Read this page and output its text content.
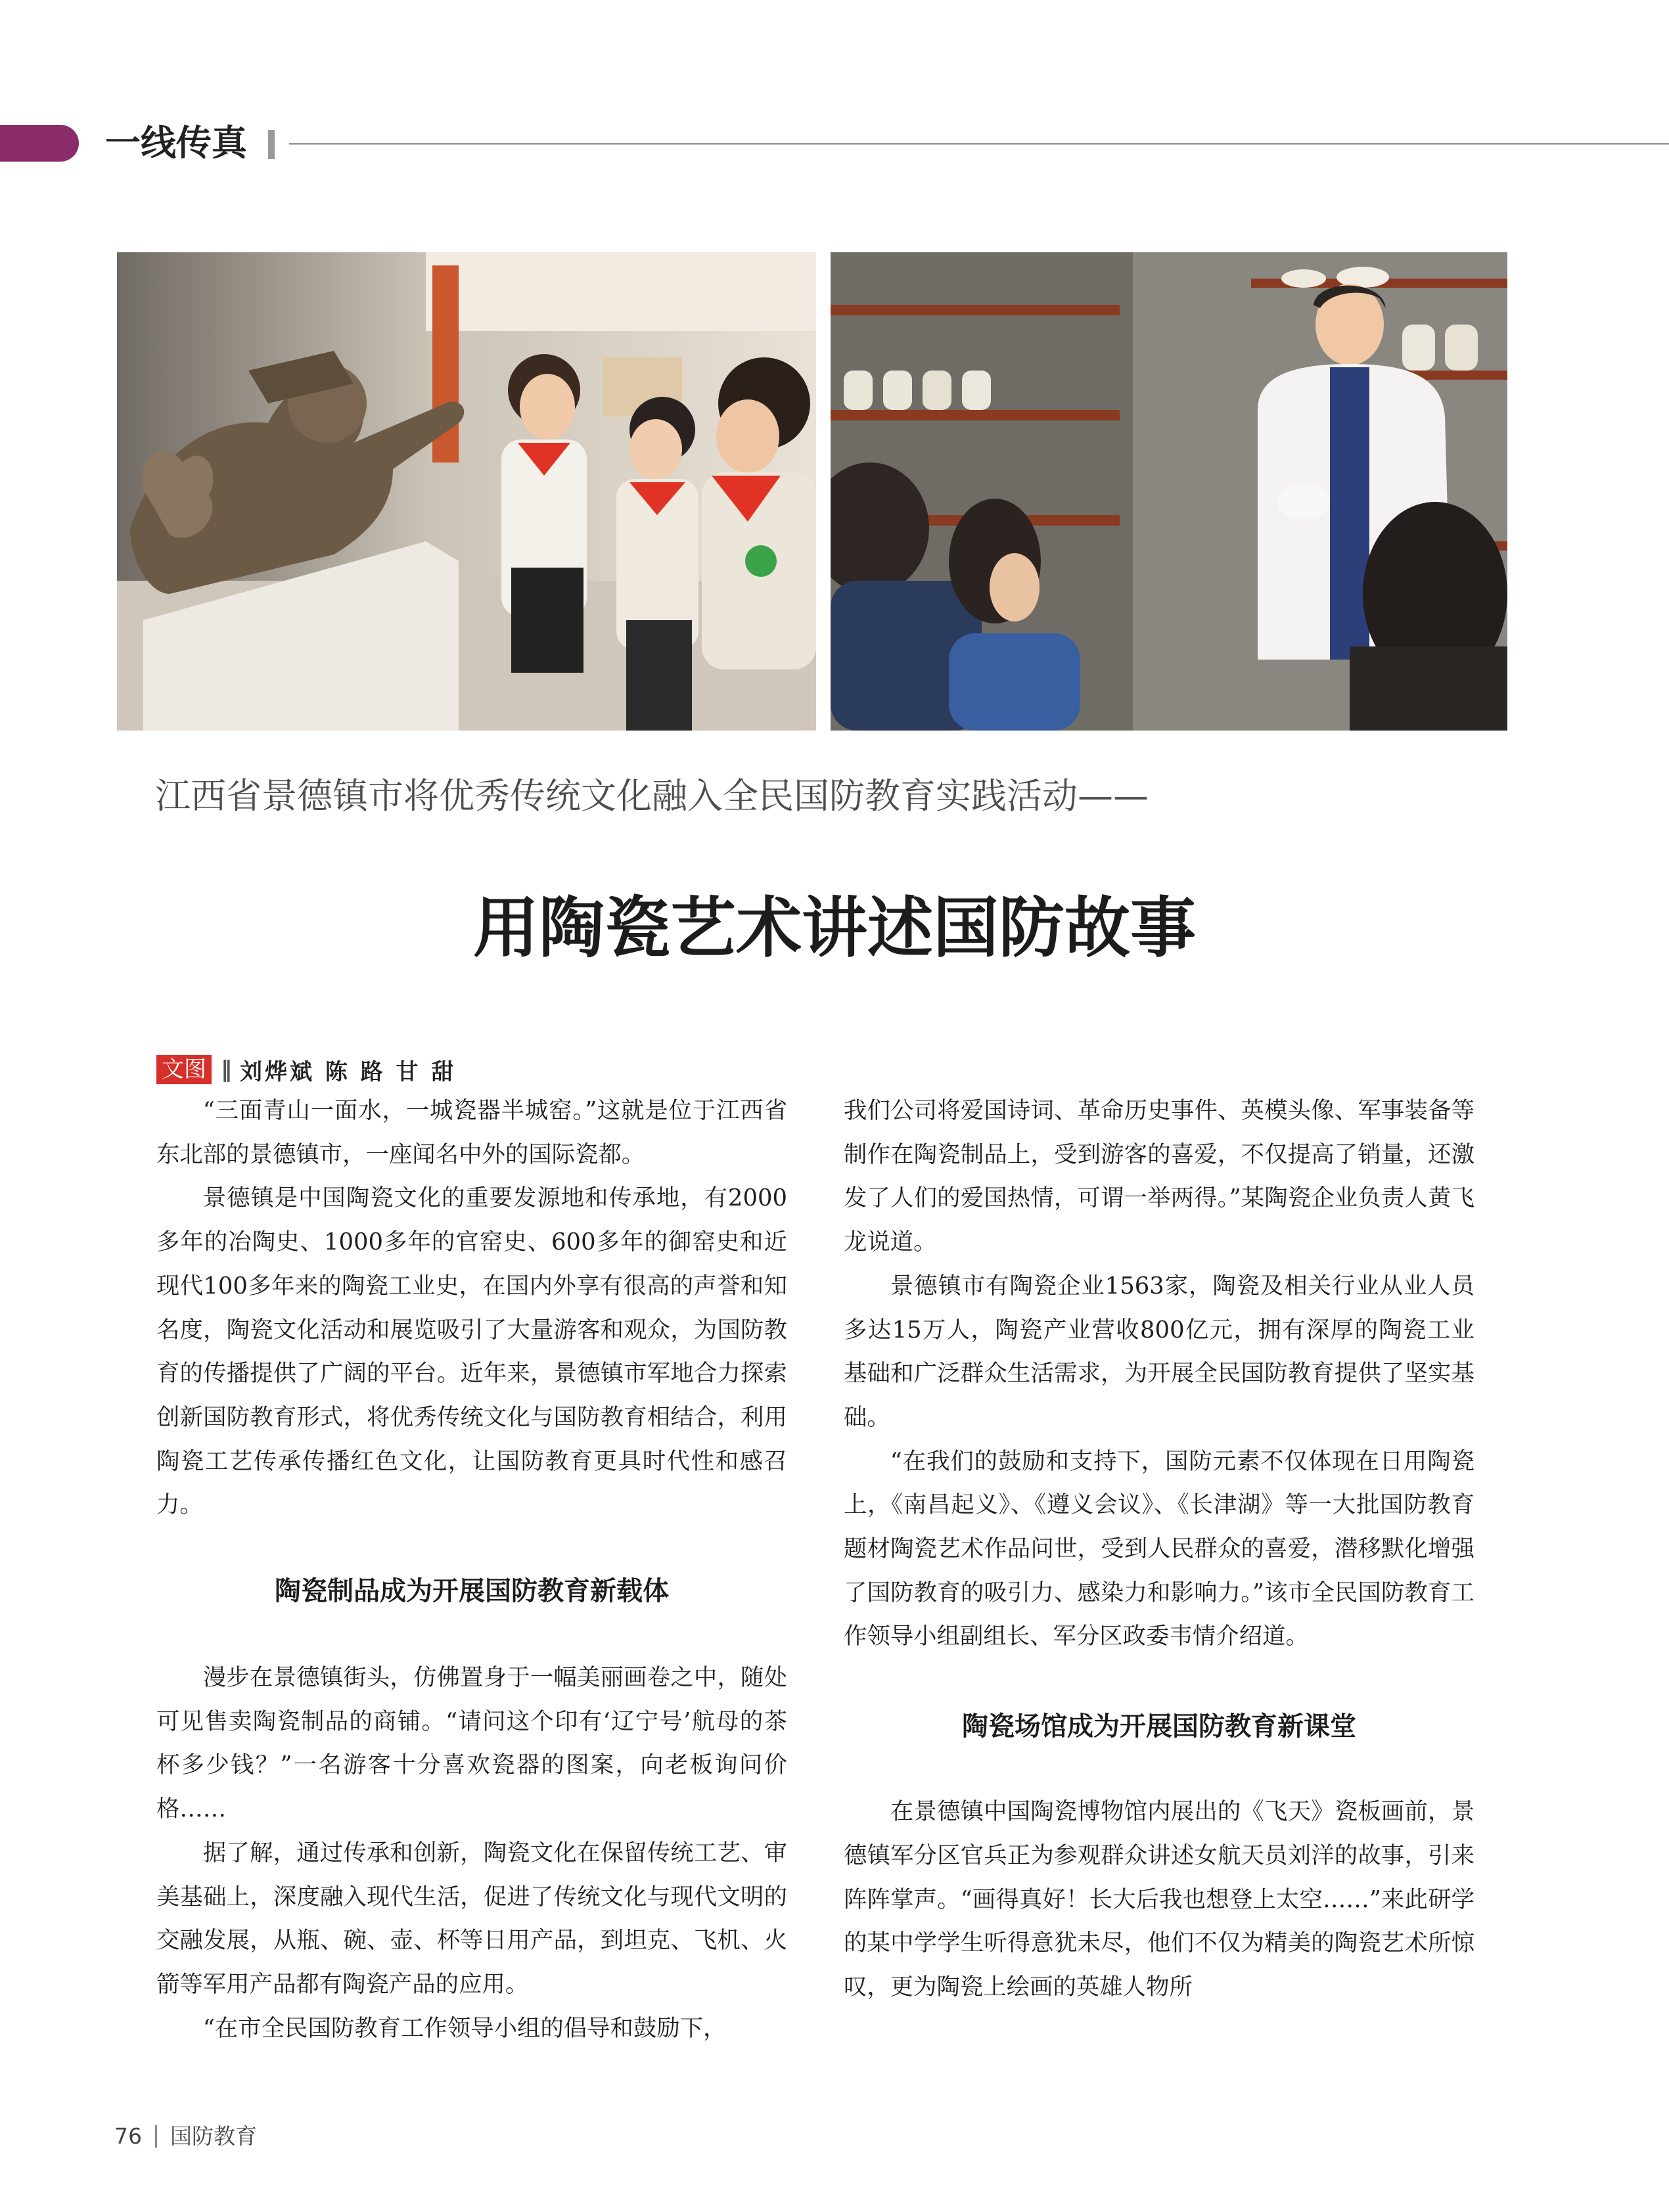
一线传真

江西省景德镇市将优秀传统文化融入全民国防教育实践活动——

用陶瓷艺术讲述国防故事
文图 ‖ 刘烨斌 陈 路 甘 甜

“三面青山一面水，一城瓷器半城窑。”这就是位于江西省东北部的景德镇市，一座闻名中外的国际瓷都。

景德镇是中国陶瓷文化的重要发源地和传承地，有2000多年的冶陶史、1000多年的官窑史、600多年的御窑史和近现代100多年来的陶瓷工业史，在国内外享有很高的声誉和知名度，陶瓷文化活动和展览吸引了大量游客和观众，为国防教育的传播提供了广阔的平台。近年来，景德镇市军地合力探索创新国防教育形式，将优秀传统文化与国防教育相结合，利用陶瓷工艺传承传播红色文化，让国防教育更具时代性和感召力。

陶瓷制品成为开展国防教育新载体

漫步在景德镇街头，仿佛置身于一幅美丽画卷之中，随处可见售卖陶瓷制品的商铺。“请问这个印有‘辽宁号’航母的茶杯多少钱？”一名游客十分喜欢瓷器的图案，向老板询问价格……

据了解，通过传承和创新，陶瓷文化在保留传统工艺、审美基础上，深度融入现代生活，促进了传统文化与现代文明的交融发展，从瓶、碗、壶、杯等日用产品，到坦克、飞机、火箭等军用产品都有陶瓷产品的应用。

“在市全民国防教育工作领导小组的倡导和鼓励下，

我们公司将爱国诗词、革命历史事件、英模头像、军事装备等制作在陶瓷制品上，受到游客的喜爱，不仅提高了销量，还激发了人们的爱国热情，可谓一举两得。”某陶瓷企业负责人黄飞龙说道。

景德镇市有陶瓷企业1563家，陶瓷及相关行业从业人员多达15万人，陶瓷产业营收800亿元，拥有深厚的陶瓷工业基础和广泛群众生活需求，为开展全民国防教育提供了坚实基础。

“在我们的鼓励和支持下，国防元素不仅体现在日用陶瓷上，《南昌起义》、《遵义会议》、《长津湖》等一大批国防教育题材陶瓷艺术作品问世，受到人民群众的喜爱，潜移默化增强了国防教育的吸引力、感染力和影响力。”该市全民国防教育工作领导小组副组长、军分区政委韦情介绍道。

陶瓷场馆成为开展国防教育新课堂

在景德镇中国陶瓷博物馆内展出的《飞天》瓷板画前，景德镇军分区官兵正为参观群众讲述女航天员刘洋的故事，引来阵阵掌声。“画得真好！长大后我也想登上太空……”来此研学的某中学学生听得意犹未尽，他们不仅为精美的陶瓷艺术所惊叹，更为陶瓷上绘画的英雄人物所

76 国防教育
